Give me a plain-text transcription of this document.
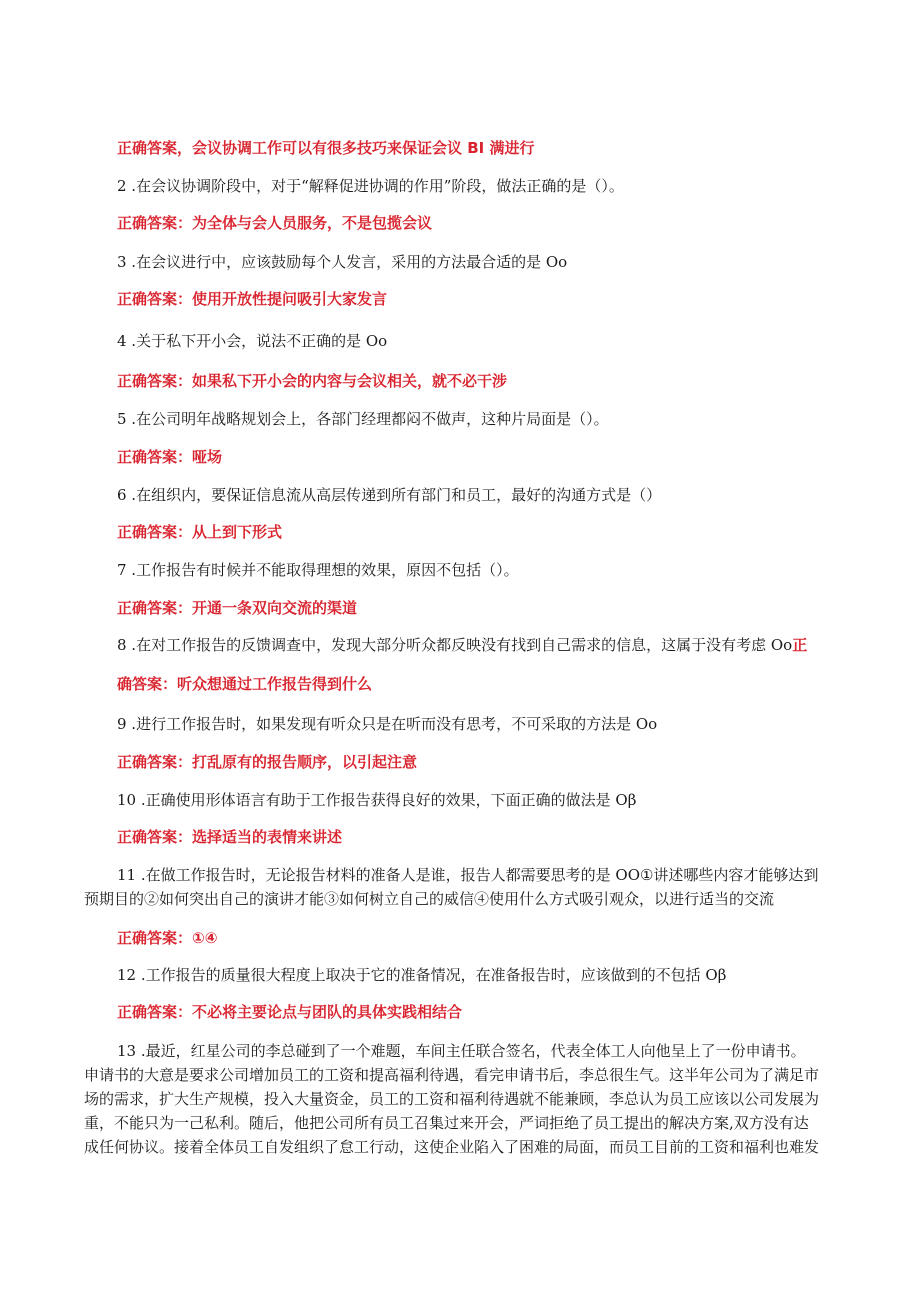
正确答案，会议协调工作可以有很多技巧来保证会议 BI 满进行
2 .在会议协调阶段中，对于“解释促进协调的作用”阶段，做法正确的是（）。
正确答案：为全体与会人员服务，不是包揽会议
3 .在会议进行中，应该鼓励每个人发言，采用的方法最合适的是 Oo
正确答案：使用开放性提问吸引大家发言
4 .关于私下开小会，说法不正确的是 Oo
正确答案：如果私下开小会的内容与会议相关，就不必干涉
5 .在公司明年战略规划会上，各部门经理都闷不做声，这种片局面是（）。
正确答案：哑场
6 .在组织内，要保证信息流从高层传递到所有部门和员工，最好的沟通方式是（）
正确答案：从上到下形式
7 .工作报告有时候并不能取得理想的效果，原因不包括（）。
正确答案：开通一条双向交流的渠道
8 .在对工作报告的反馈调查中，发现大部分听众都反映没有找到自己需求的信息，这属于没有考虑 Oo正
确答案：听众想通过工作报告得到什么
9 .进行工作报告时，如果发现有听众只是在听而没有思考，不可采取的方法是 Oo
正确答案：打乱原有的报告顺序，以引起注意
10 .正确使用形体语言有助于工作报告获得良好的效果，下面正确的做法是 Oβ
正确答案：选择适当的表情来讲述
11 .在做工作报告时，无论报告材料的准备人是谁，报告人都需要思考的是 OO①讲述哪些内容才能够达到
预期目的②如何突出自己的演讲才能③如何树立自己的威信④使用什么方式吸引观众，以进行适当的交流
正确答案：①④
12 .工作报告的质量很大程度上取决于它的准备情况，在准备报告时，应该做到的不包括 Oβ
正确答案：不必将主要论点与团队的具体实践相结合
13 .最近，红星公司的李总碰到了一个难题，车间主任联合签名，代表全体工人向他呈上了一份申请书。
申请书的大意是要求公司增加员工的工资和提高福利待遇，看完申请书后，李总很生气。这半年公司为了满足市
场的需求，扩大生产规模，投入大量资金，员工的工资和福利待遇就不能兼顾，李总认为员工应该以公司发展为
重，不能只为一己私利。随后，他把公司所有员工召集过来开会，严词拒绝了员工提出的解决方案,双方没有达
成任何协议。接着全体员工自发组织了怠工行动，这使企业陷入了困难的局面，而员工目前的工资和福利也难发
